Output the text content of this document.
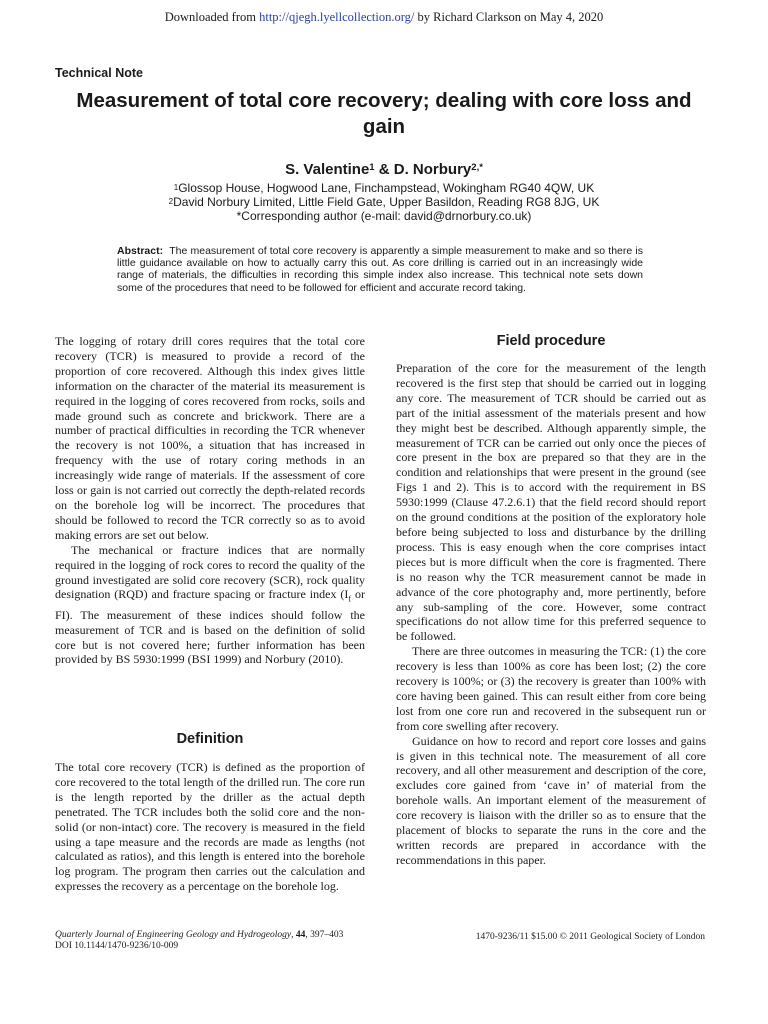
Downloaded from http://qjegh.lyellcollection.org/ by Richard Clarkson on May 4, 2020
Technical Note
Measurement of total core recovery; dealing with core loss and gain
S. Valentine$^1$ & D. Norbury$^{2,*}$
$^1$Glossop House, Hogwood Lane, Finchampstead, Wokingham RG40 4QW, UK
$^2$David Norbury Limited, Little Field Gate, Upper Basildon, Reading RG8 8JG, UK
*Corresponding author (e-mail: david@drnorbury.co.uk)
Abstract: The measurement of total core recovery is apparently a simple measurement to make and so there is little guidance available on how to actually carry this out. As core drilling is carried out in an increasingly wide range of materials, the difficulties in recording this simple index also increase. This technical note sets down some of the procedures that need to be followed for efficient and accurate record taking.

The logging of rotary drill cores requires that the total core recovery (TCR) is measured to provide a record of the proportion of core recovered. Although this index gives little information on the character of the material its measurement is required in the logging of cores recovered from rocks, soils and made ground such as concrete and brickwork. There are a number of practical difficulties in recording the TCR whenever the recovery is not 100%, a situation that has increased in frequency with the use of rotary coring methods in an increasingly wide range of materials. If the assessment of core loss or gain is not carried out correctly the depth-related records on the borehole log will be incorrect. The procedures that should be followed to record the TCR correctly so as to avoid making errors are set out below.

The mechanical or fracture indices that are normally required in the logging of rock cores to record the quality of the ground investigated are solid core recovery (SCR), rock quality designation (RQD) and fracture spacing or fracture index ($I_f$ or FI). The measurement of these indices should follow the measurement of TCR and is based on the definition of solid core but is not covered here; further information has been provided by BS 5930:1999 (BSI 1999) and Norbury (2010).

Definition

The total core recovery (TCR) is defined as the proportion of core recovered to the total length of the drilled run. The core run is the length reported by the driller as the actual depth penetrated. The TCR includes both the solid core and the non-solid (or non-intact) core. The recovery is measured in the field using a tape measure and the records are made as lengths (not calculated as ratios), and this length is entered into the borehole log program. The program then carries out the calculation and expresses the recovery as a percentage on the borehole log.

Field procedure

Preparation of the core for the measurement of the length recovered is the first step that should be carried out in logging any core. The measurement of TCR should be carried out as part of the initial assessment of the materials present and how they might best be described. Although apparently simple, the measurement of TCR can be carried out only once the pieces of core present in the box are prepared so that they are in the condition and relationships that were present in the ground (see Figs 1 and 2). This is to accord with the requirement in BS 5930:1999 (Clause 47.2.6.1) that the field record should report on the ground conditions at the position of the exploratory hole before being subjected to loss and disturbance by the drilling process. This is easy enough when the core comprises intact pieces but is more difficult when the core is fragmented. There is no reason why the TCR measurement cannot be made in advance of the core photography and, more pertinently, before any sub-sampling of the core. However, some contract specifications do not allow time for this preferred sequence to be followed.

There are three outcomes in measuring the TCR: (1) the core recovery is less than 100% as core has been lost; (2) the core recovery is 100%; or (3) the recovery is greater than 100% with core having been gained. This can result either from core being lost from one core run and recovered in the subsequent run or from core swelling after recovery.

Guidance on how to record and report core losses and gains is given in this technical note. The measurement of all core recovery, and all other measurement and description of the core, excludes core gained from ‘cave in’ of material from the borehole walls. An important element of the measurement of core recovery is liaison with the driller so as to ensure that the placement of blocks to separate the runs in the core and the written records are prepared in accordance with the recommendations in this paper.

Quarterly Journal of Engineering Geology and Hydrogeology, 44, 397–403
DOI 10.1144/1470-9236/10-009
1470-9236/11 $15.00 © 2011 Geological Society of London
